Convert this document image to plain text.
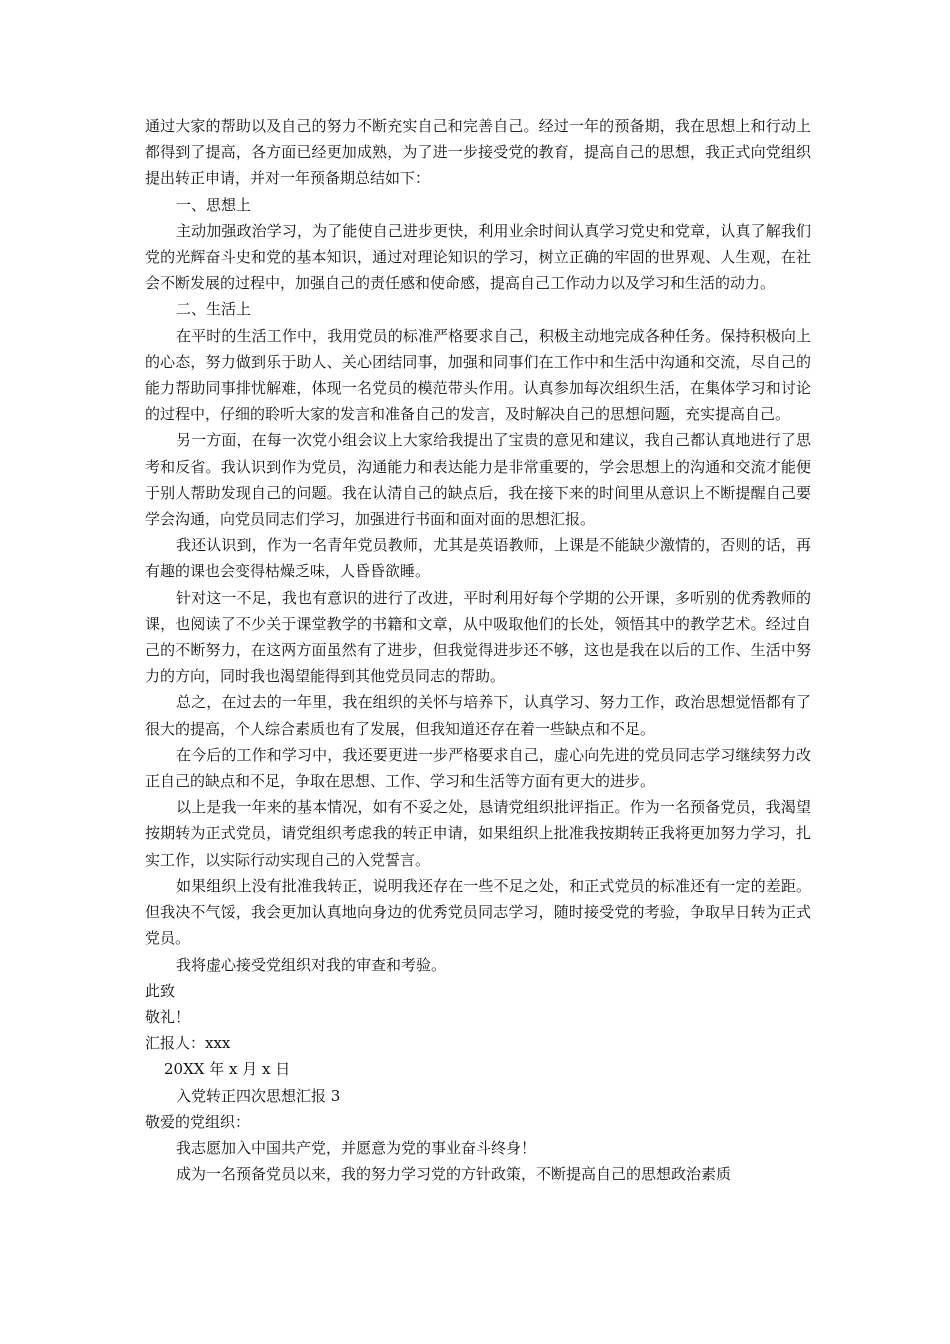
通过大家的帮助以及自己的努力不断充实自己和完善自己。经过一年的预备期，我在思想上和行动上都得到了提高，各方面已经更加成熟，为了进一步接受党的教育，提高自己的思想，我正式向党组织提出转正申请，并对一年预备期总结如下：

一、思想上

主动加强政治学习，为了能使自己进步更快，利用业余时间认真学习党史和党章，认真了解我们党的光辉奋斗史和党的基本知识，通过对理论知识的学习，树立正确的牢固的世界观、人生观，在社会不断发展的过程中，加强自己的责任感和使命感，提高自己工作动力以及学习和生活的动力。

二、生活上

在平时的生活工作中，我用党员的标准严格要求自己，积极主动地完成各种任务。保持积极向上的心态，努力做到乐于助人、关心团结同事，加强和同事们在工作中和生活中沟通和交流，尽自己的能力帮助同事排忧解难，体现一名党员的模范带头作用。认真参加每次组织生活，在集体学习和讨论的过程中，仔细的聆听大家的发言和准备自己的发言，及时解决自己的思想问题，充实提高自己。

另一方面，在每一次党小组会议上大家给我提出了宝贵的意见和建议，我自己都认真地进行了思考和反省。我认识到作为党员，沟通能力和表达能力是非常重要的，学会思想上的沟通和交流才能便于别人帮助发现自己的问题。我在认清自己的缺点后，我在接下来的时间里从意识上不断提醒自己要学会沟通，向党员同志们学习，加强进行书面和面对面的思想汇报。

我还认识到，作为一名青年党员教师，尤其是英语教师，上课是不能缺少激情的，否则的话，再有趣的课也会变得枯燥乏味，人昏昏欲睡。

针对这一不足，我也有意识的进行了改进，平时利用好每个学期的公开课，多听别的优秀教师的课，也阅读了不少关于课堂教学的书籍和文章，从中吸取他们的长处，领悟其中的教学艺术。经过自己的不断努力，在这两方面虽然有了进步，但我觉得进步还不够，这也是我在以后的工作、生活中努力的方向，同时我也渴望能得到其他党员同志的帮助。

总之，在过去的一年里，我在组织的关怀与培养下，认真学习、努力工作，政治思想觉悟都有了很大的提高，个人综合素质也有了发展，但我知道还存在着一些缺点和不足。

在今后的工作和学习中，我还要更进一步严格要求自己，虚心向先进的党员同志学习继续努力改正自己的缺点和不足，争取在思想、工作、学习和生活等方面有更大的进步。

以上是我一年来的基本情况，如有不妥之处，恳请党组织批评指正。作为一名预备党员，我渴望按期转为正式党员，请党组织考虑我的转正申请，如果组织上批准我按期转正我将更加努力学习，扎实工作，以实际行动实现自己的入党誓言。

如果组织上没有批准我转正，说明我还存在一些不足之处，和正式党员的标准还有一定的差距。但我决不气馁，我会更加认真地向身边的优秀党员同志学习，随时接受党的考验，争取早日转为正式党员。

我将虚心接受党组织对我的审查和考验。

此致

敬礼！

汇报人：xxx

20XX 年 x 月 x 日

入党转正四次思想汇报 3

敬爱的党组织：

我志愿加入中国共产党，并愿意为党的事业奋斗终身！

成为一名预备党员以来，我的努力学习党的方针政策，不断提高自己的思想政治素质
